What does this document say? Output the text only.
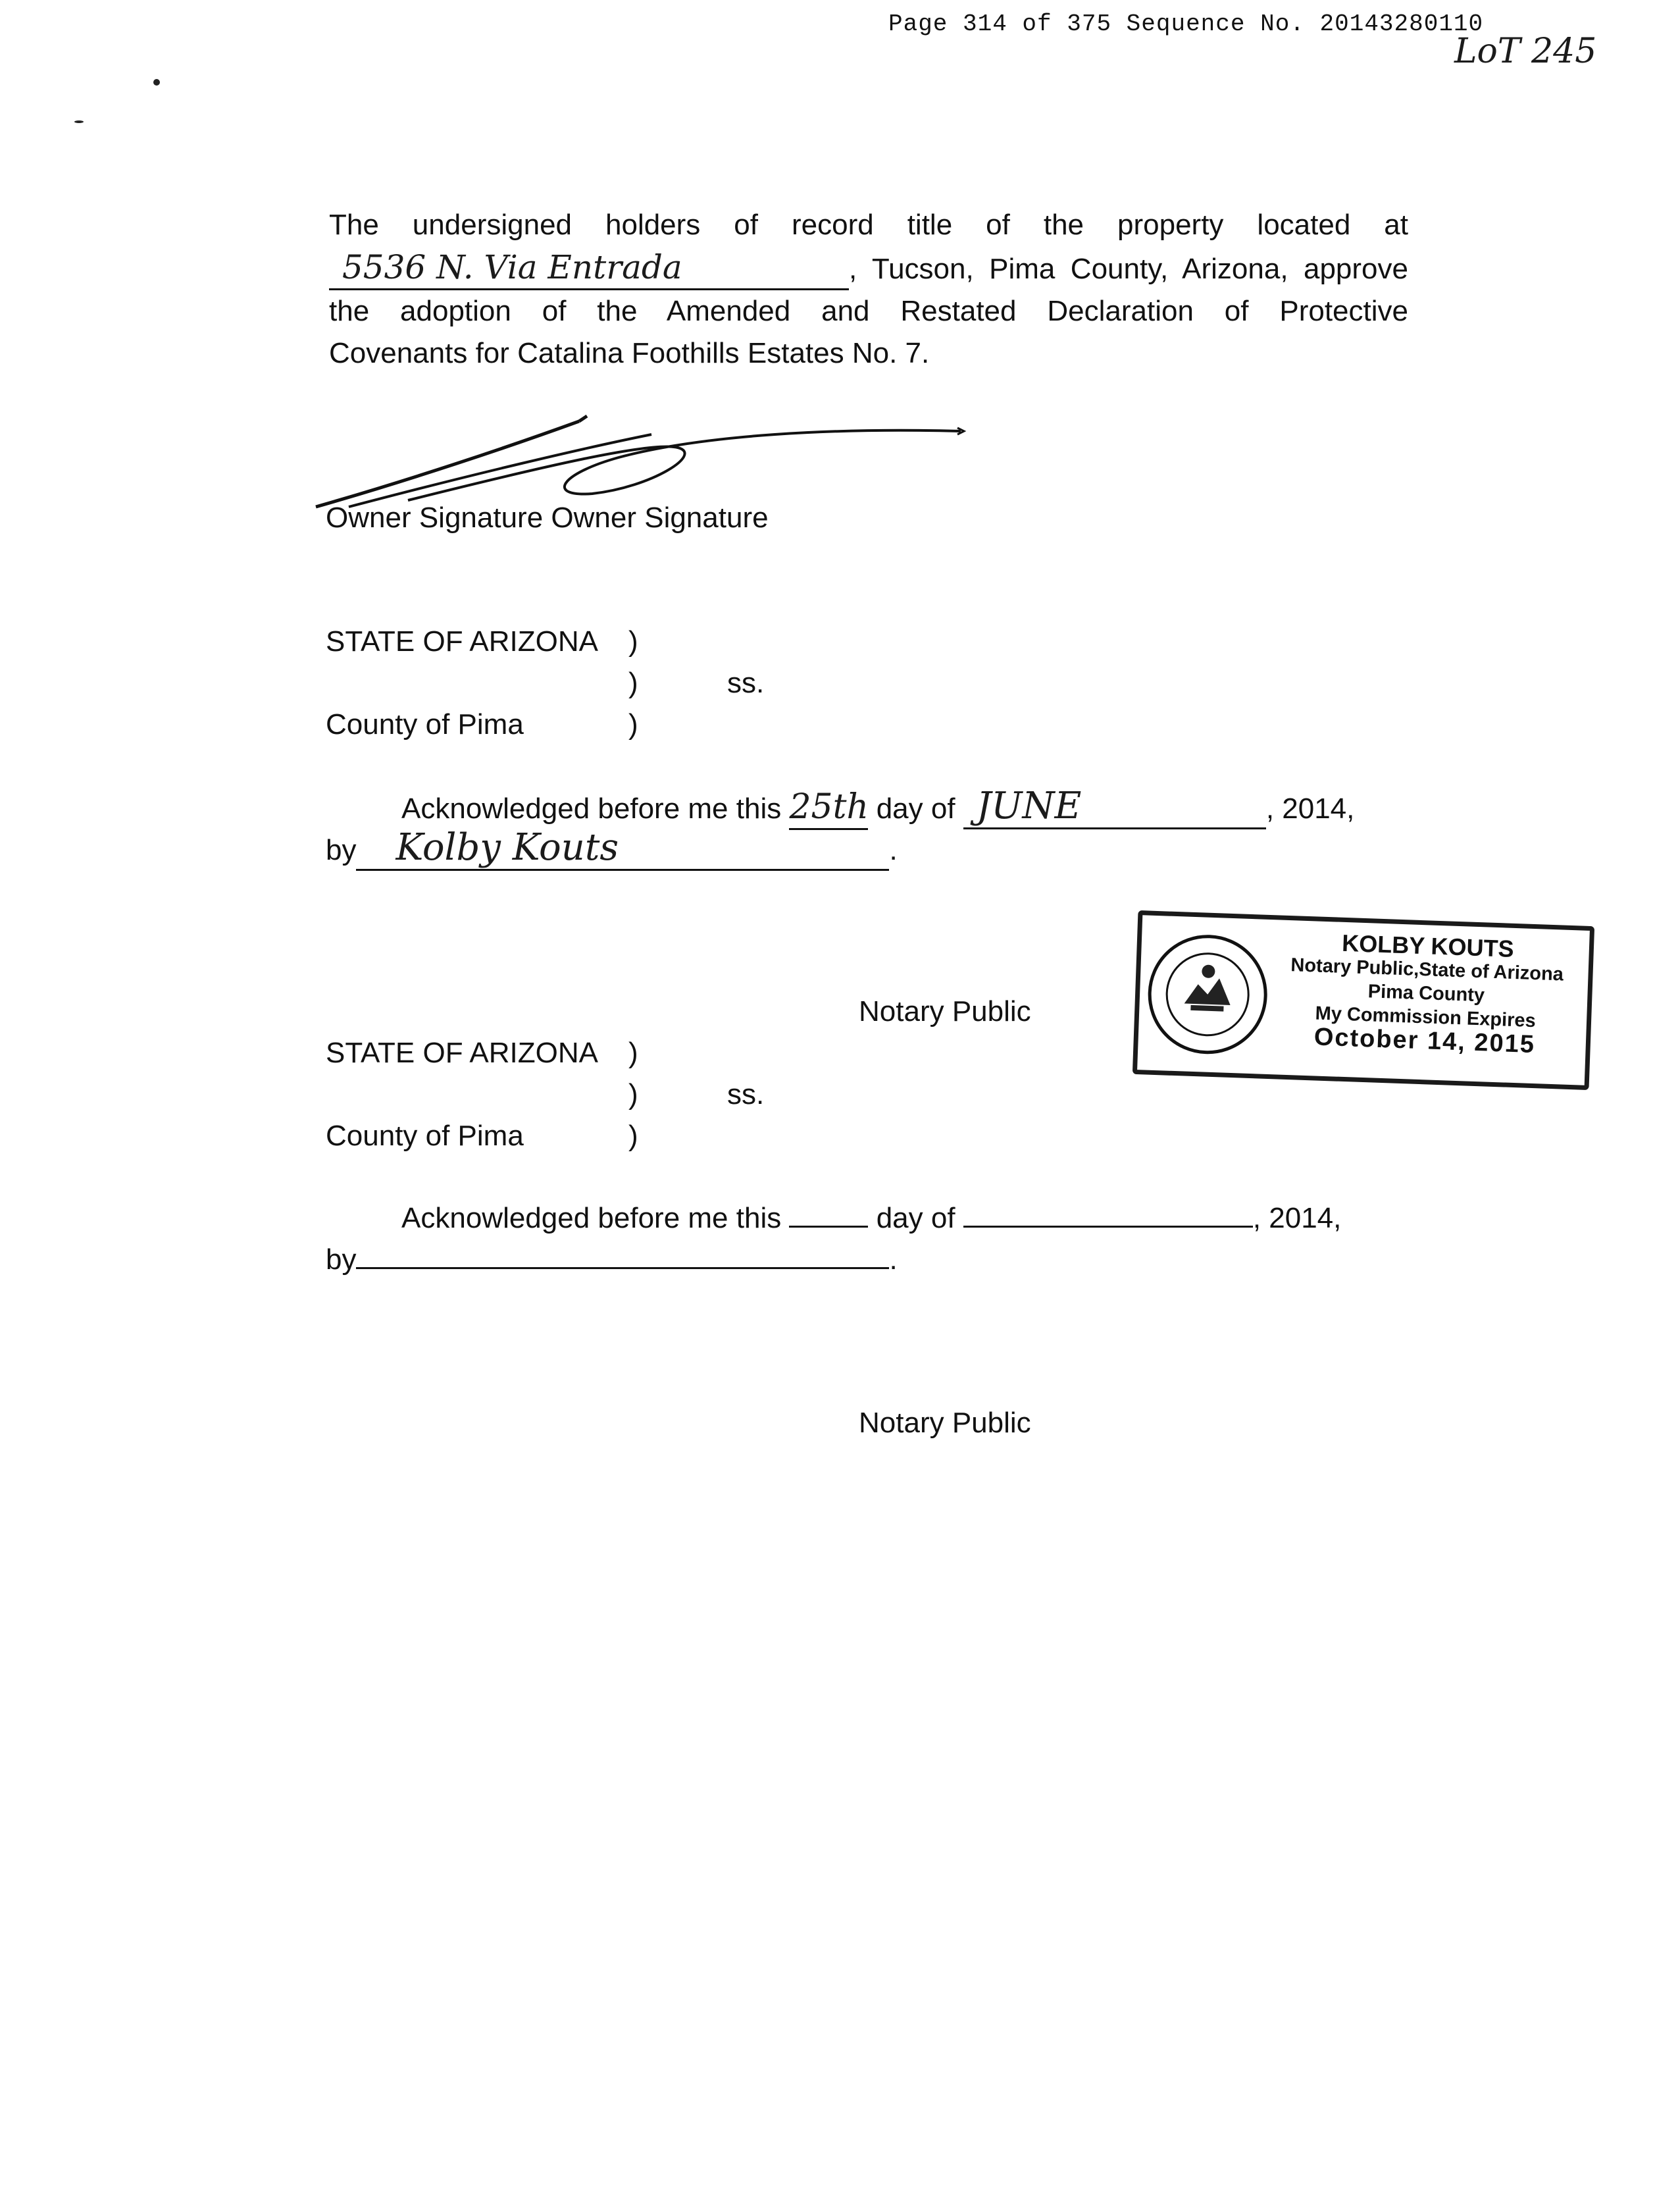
Page 314 of 375 Sequence No. 20143280110
LoT 245
The undersigned holders of record title of the property located at
5536 N. Via Entrada	, Tucson, Pima County, Arizona, approve
the adoption of the Amended and Restated Declaration of Protective
Covenants for Catalina Foothills Estates No. 7.
Owner Signature Owner Signature
STATE OF ARIZONA )
)	ss.
County of Pima	)
Acknowledged before me this 25th day of JUNE	, 2014,
by Kolby Kouts	.
Notary Public
KOLBY KOUTS
Notary Public,State of Arizona
Pima County
My Commission Expires
October 14, 2015
STATE OF ARIZONA )
)	ss.
County of Pima	)
Acknowledged before me this	day of	, 2014,
by	.
Notary Public
